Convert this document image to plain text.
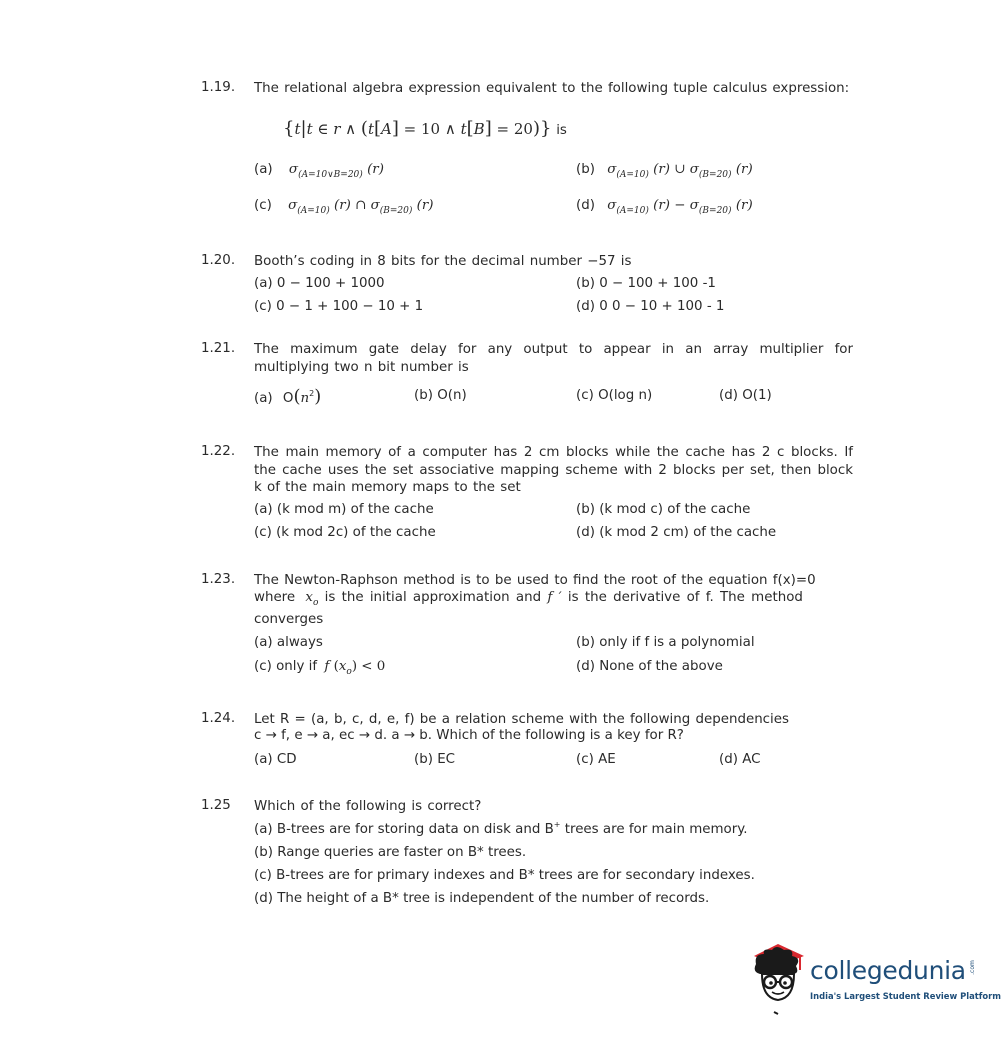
1.19.	The relational algebra expression equivalent to the following tuple calculus expression:
{t|t ∈ r ∧ (t[A] = 10 ∧ t[B] = 20)} is
(a) $\sigma_{(A=10\vee B=20)}$ (r)	(b) $\sigma_{(A=10)}$ (r) ∪ $\sigma_{(B=20)}$ (r)
(c) $\sigma_{(A=10)}$ (r) ∩ $\sigma_{(B=20)}$ (r)	(d) $\sigma_{(A=10)}$ $(r) - \sigma_{(B=20)}$ (r)
1.20.	Booth’s coding in 8 bits for the decimal number −57 is
(a) 0 − 100 + 1000	(b) 0 − 100 + 100 -1
(c) 0 − 1 + 100 − 10 + 1	(d) 0 0 − 10 + 100 - 1
1.21.	The maximum gate delay for any output to appear in an array multiplier for multiplying two n bit number is
(a) $O(n^2)$	(b) O(n)	(c) O(log n)	(d) O(1)
1.22.	The main memory of a computer has 2 cm blocks while the cache has 2 c blocks. If the cache uses the set associative mapping scheme with 2 blocks per set, then block k of the main memory maps to the set
(a) (k mod m) of the cache	(b) (k mod c) of the cache
(c) (k mod 2c) of the cache	(d) (k mod 2 cm) of the cache
1.23.	The Newton-Raphson method is to be used to find the root of the equation f(x)=0
where $x_o$ is the initial approximation and f ′ is the derivative of f. The method
converges
(a) always	(b) only if f is a polynomial
(c) only if f $(x_o) < 0$	(d) None of the above
1.24.	Let R = (a, b, c, d, e, f) be a relation scheme with the following dependencies
c → f, e → a, ec → d. a → b. Which of the following is a key for R?
(a) CD	(b) EC	(c) AE	(d) AC
1.25	Which of the following is correct?
(a) B-trees are for storing data on disk and B+ trees are for main memory.
(b) Range queries are faster on B* trees.
(c) B-trees are for primary indexes and B* trees are for secondary indexes.
(d) The height of a B* tree is independent of the number of records.
collegedunia .com
India's Largest Student Review Platform
